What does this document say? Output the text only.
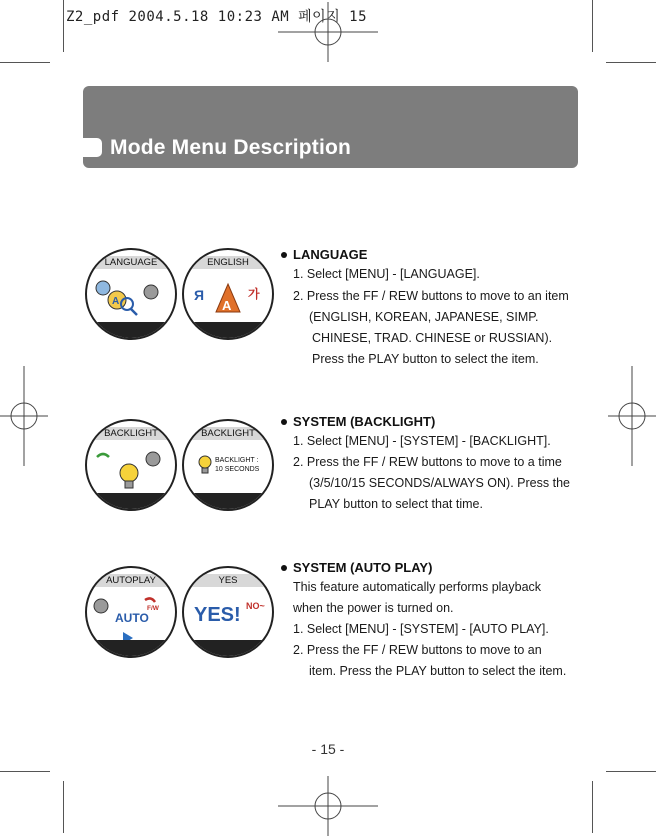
Z2_pdf 2004.5.18 10:23 AM 페이지 15
Mode Menu Description
LANGUAGE
A
ENGLISH
Я
A
가
LANGUAGE
1. Select [MENU] - [LANGUAGE].
2. Press the FF / REW buttons to move to an item
(ENGLISH, KOREAN, JAPANESE, SIMP.
CHINESE, TRAD. CHINESE or RUSSIAN).
Press the PLAY button to select the item.
BACKLIGHT	BACKLIGHT
BACKLIGHT :
10 SECONDS
SYSTEM (BACKLIGHT)
1. Select [MENU] - [SYSTEM] - [BACKLIGHT].
2. Press the FF / REW buttons to move to a time
(3/5/10/15 SECONDS/ALWAYS ON). Press the
PLAY button to select that time.
AUTOPLAY
AUTO
F/W
YES
YES! NO~
SYSTEM (AUTO PLAY)
This feature automatically performs playback
when the power is turned on.
1. Select [MENU] - [SYSTEM] - [AUTO PLAY].
2. Press the FF / REW buttons to move to an
item. Press the PLAY button to select the item.
- 15 -
